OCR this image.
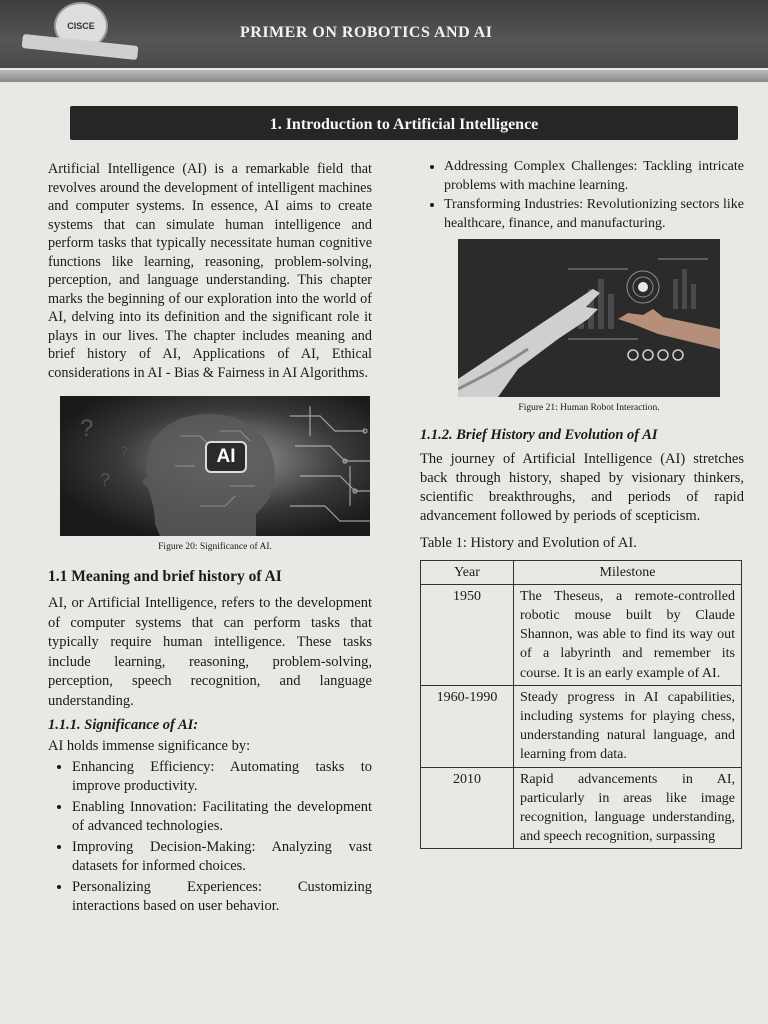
CISCE	PRIMER ON ROBOTICS AND AI
1. Introduction to Artificial Intelligence

Artificial Intelligence (AI) is a remarkable field that revolves around the development of intelligent machines and computer systems. In essence, AI aims to create systems that can simulate human intelligence and perform tasks that typically necessitate human cognitive functions like learning, reasoning, problem-solving, perception, and language understanding. This chapter marks the beginning of our exploration into the world of AI, delving into its definition and the significant role it plays in our lives. The chapter includes meaning and brief history of AI, Applications of AI, Ethical considerations in AI - Bias & Fairness in AI Algorithms.

?
?
?	AI
Figure 20: Significance of AI.
1.1 Meaning and brief history of AI

AI, or Artificial Intelligence, refers to the development of computer systems that can perform tasks that typically require human intelligence. These tasks include learning, reasoning, problem-solving, perception, speech recognition, and language understanding.

1.1.1. Significance of AI:

AI holds immense significance by:

• Enhancing Efficiency: Automating tasks to improve productivity.
• Enabling Innovation: Facilitating the development of advanced technologies.
• Improving Decision-Making: Analyzing vast datasets for informed choices.
• Personalizing Experiences: Customizing interactions based on user behavior.
• Addressing Complex Challenges: Tackling intricate problems with machine learning.
• Transforming Industries: Revolutionizing sectors like healthcare, finance, and manufacturing.
Figure 21: Human Robot Interaction.
1.1.2. Brief History and Evolution of AI

The journey of Artificial Intelligence (AI) stretches back through history, shaped by visionary thinkers, scientific breakthroughs, and periods of rapid advancement followed by periods of scepticism.

Table 1: History and Evolution of AI.

Year	Milestone
1950	The Theseus, a remote-controlled robotic mouse built by Claude Shannon, was able to find its way out of a labyrinth and remember its course. It is an early example of AI.
1960-1990	Steady progress in AI capabilities, including systems for playing chess, understanding natural language, and learning from data.
2010	Rapid advancements in AI, particularly in areas like image recognition, language understanding, and speech recognition, surpassing
